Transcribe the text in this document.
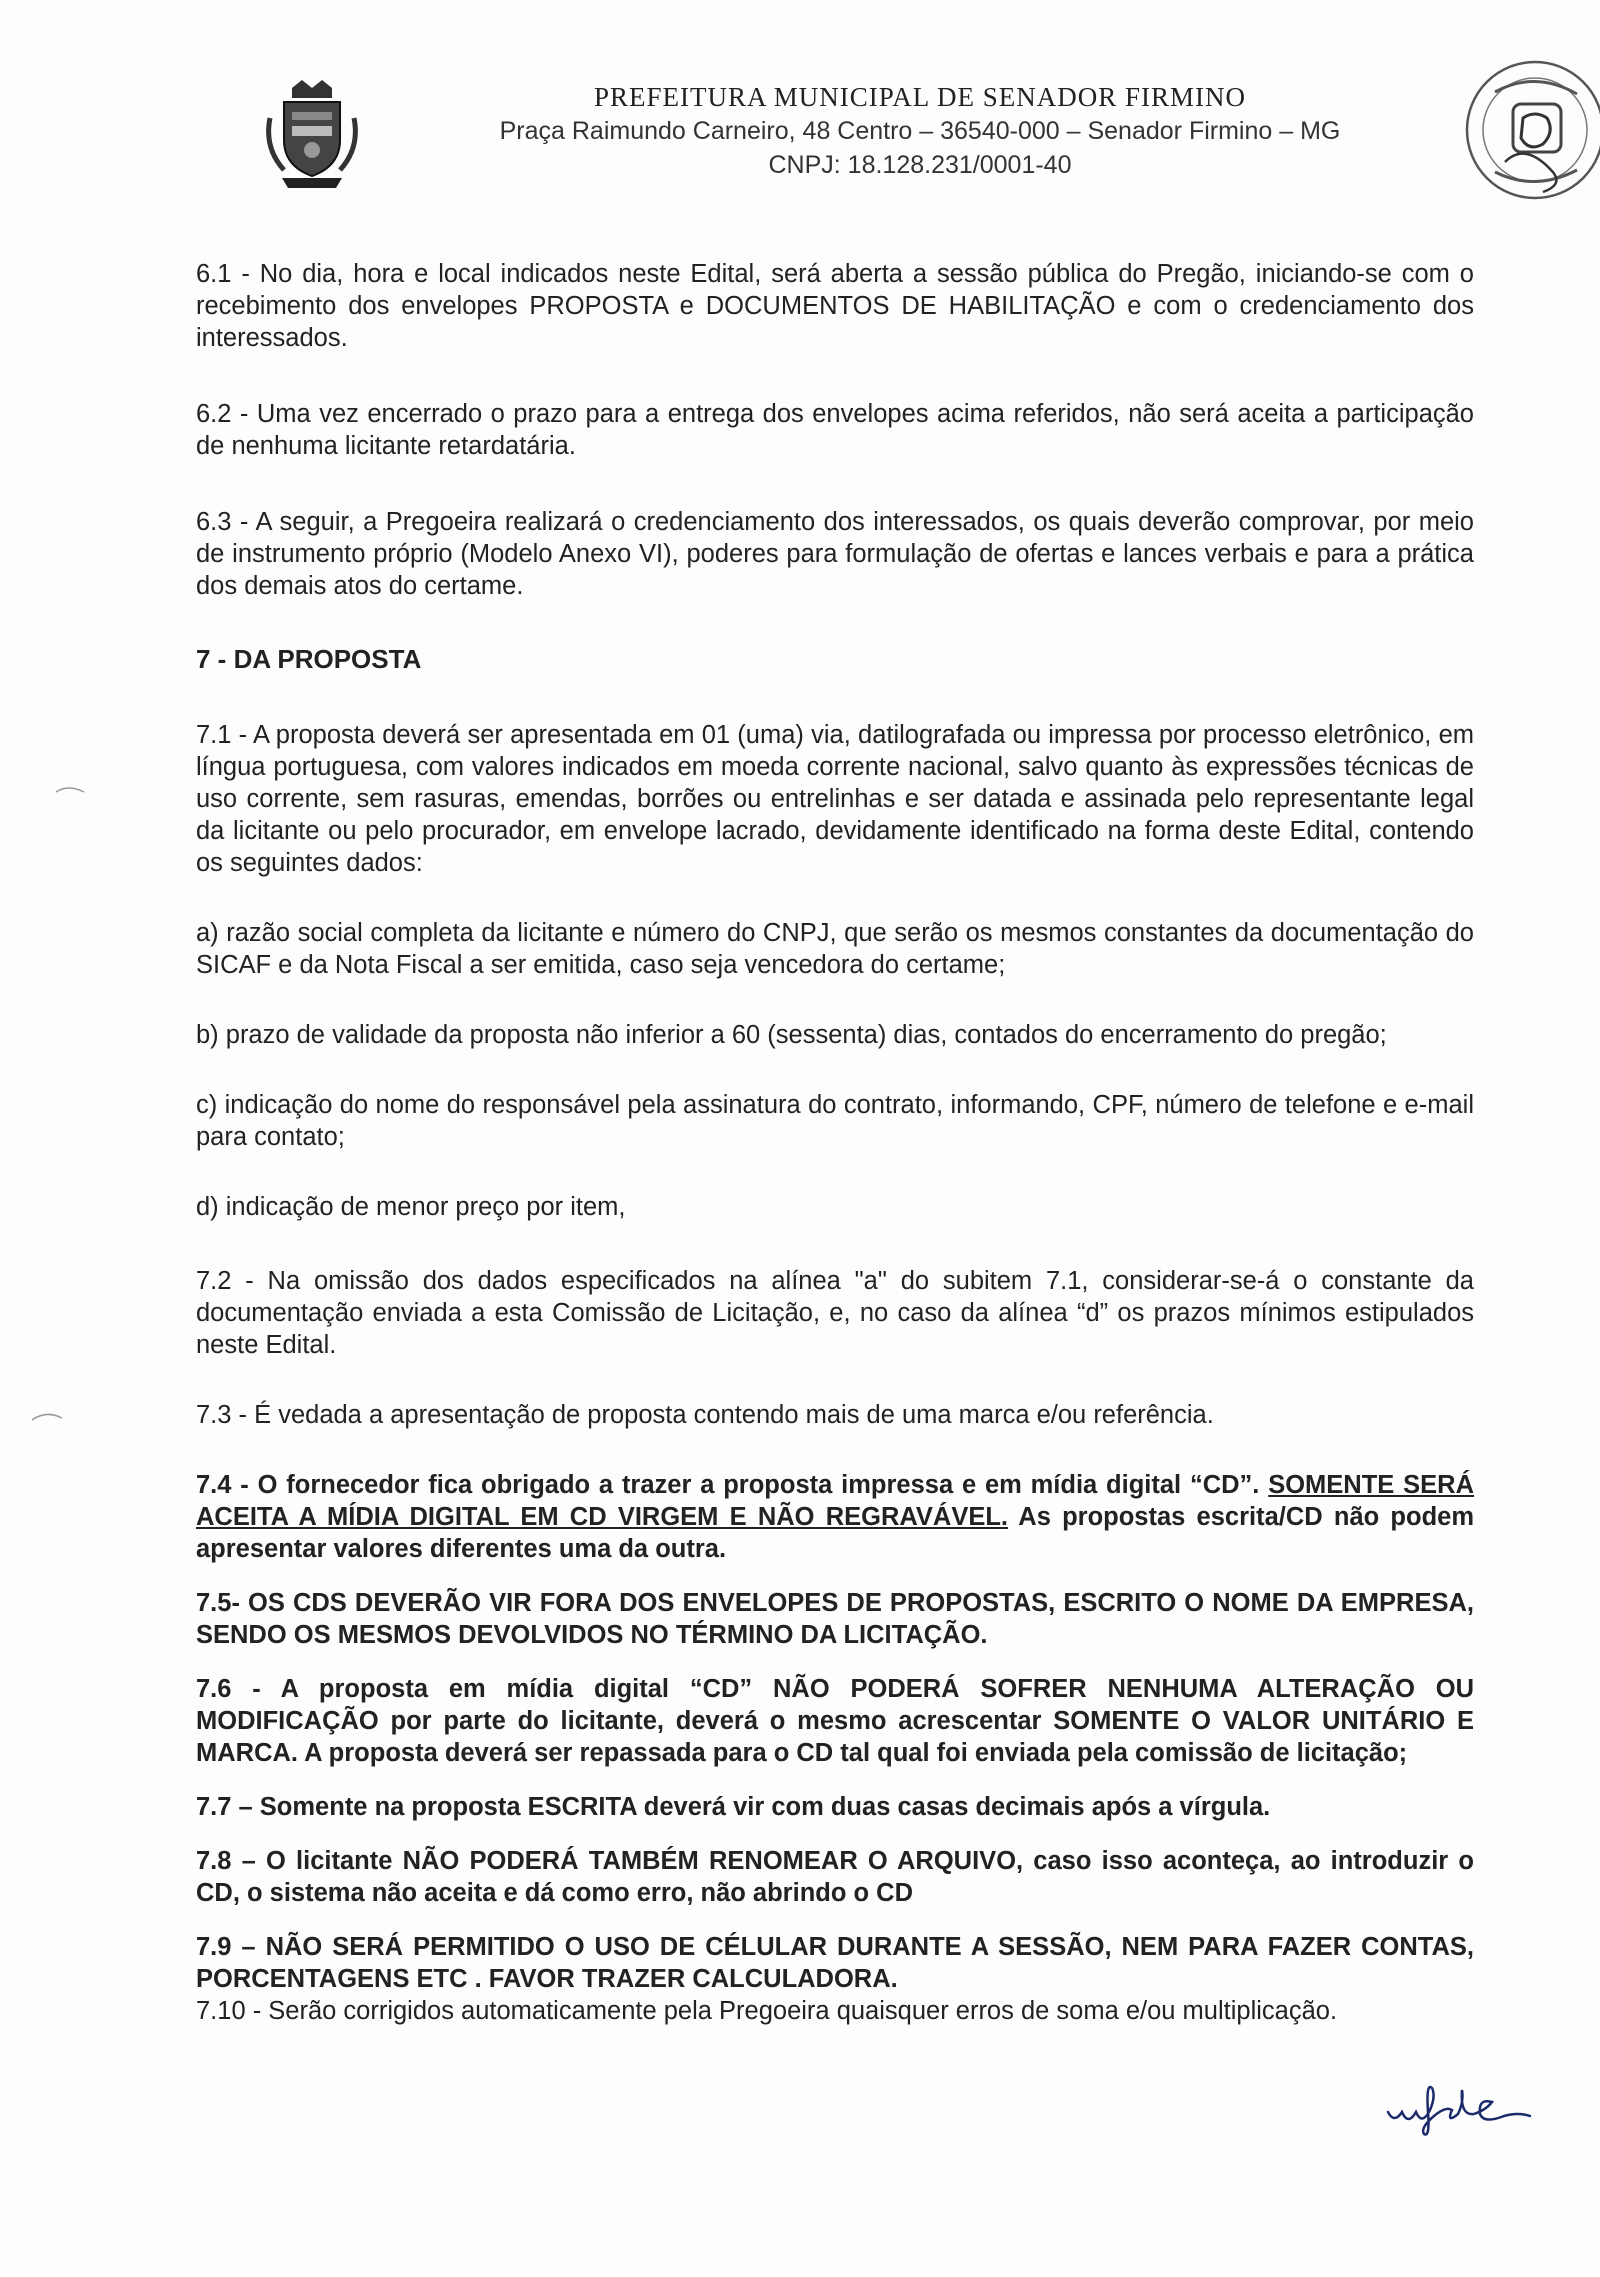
PREFEITURA MUNICIPAL DE SENADOR FIRMINO
Praça Raimundo Carneiro, 48 Centro – 36540-000 – Senador Firmino – MG
CNPJ: 18.128.231/0001-40

6.1 - No dia, hora e local indicados neste Edital, será aberta a sessão pública do Pregão, iniciando-se com o recebimento dos envelopes PROPOSTA e DOCUMENTOS DE HABILITAÇÃO e com o credenciamento dos interessados.

6.2 - Uma vez encerrado o prazo para a entrega dos envelopes acima referidos, não será aceita a participação de nenhuma licitante retardatária.

6.3 - A seguir, a Pregoeira realizará o credenciamento dos interessados, os quais deverão comprovar, por meio de instrumento próprio (Modelo Anexo VI), poderes para formulação de ofertas e lances verbais e para a prática dos demais atos do certame.

7 - DA PROPOSTA

7.1 - A proposta deverá ser apresentada em 01 (uma) via, datilografada ou impressa por processo eletrônico, em língua portuguesa, com valores indicados em moeda corrente nacional, salvo quanto às expressões técnicas de uso corrente, sem rasuras, emendas, borrões ou entrelinhas e ser datada e assinada pelo representante legal da licitante ou pelo procurador, em envelope lacrado, devidamente identificado na forma deste Edital, contendo os seguintes dados:

a) razão social completa da licitante e número do CNPJ, que serão os mesmos constantes da documentação do SICAF e da Nota Fiscal a ser emitida, caso seja vencedora do certame;

b) prazo de validade da proposta não inferior a 60 (sessenta) dias, contados do encerramento do pregão;

c) indicação do nome do responsável pela assinatura do contrato, informando, CPF, número de telefone e e-mail para contato;

d) indicação de menor preço por item,

7.2 - Na omissão dos dados especificados na alínea "a" do subitem 7.1, considerar-se-á o constante da documentação enviada a esta Comissão de Licitação, e, no caso da alínea “d” os prazos mínimos estipulados neste Edital.

7.3 - É vedada a apresentação de proposta contendo mais de uma marca e/ou referência.

7.4 - O fornecedor fica obrigado a trazer a proposta impressa e em mídia digital “CD”. SOMENTE SERÁ ACEITA A MÍDIA DIGITAL EM CD VIRGEM E NÃO REGRAVÁVEL. As propostas escrita/CD não podem apresentar valores diferentes uma da outra.

7.5- OS CDS DEVERÃO VIR FORA DOS ENVELOPES DE PROPOSTAS, ESCRITO O NOME DA EMPRESA, SENDO OS MESMOS DEVOLVIDOS NO TÉRMINO DA LICITAÇÃO.

7.6 - A proposta em mídia digital “CD” NÃO PODERÁ SOFRER NENHUMA ALTERAÇÃO OU MODIFICAÇÃO por parte do licitante, deverá o mesmo acrescentar SOMENTE O VALOR UNITÁRIO E MARCA. A proposta deverá ser repassada para o CD tal qual foi enviada pela comissão de licitação;

7.7 – Somente na proposta ESCRITA deverá vir com duas casas decimais após a vírgula.

7.8 – O licitante NÃO PODERÁ TAMBÉM RENOMEAR O ARQUIVO, caso isso aconteça, ao introduzir o CD, o sistema não aceita e dá como erro, não abrindo o CD

7.9 – NÃO SERÁ PERMITIDO O USO DE CÉLULAR DURANTE A SESSÃO, NEM PARA FAZER CONTAS, PORCENTAGENS ETC . FAVOR TRAZER CALCULADORA.

7.10 - Serão corrigidos automaticamente pela Pregoeira quaisquer erros de soma e/ou multiplicação.
